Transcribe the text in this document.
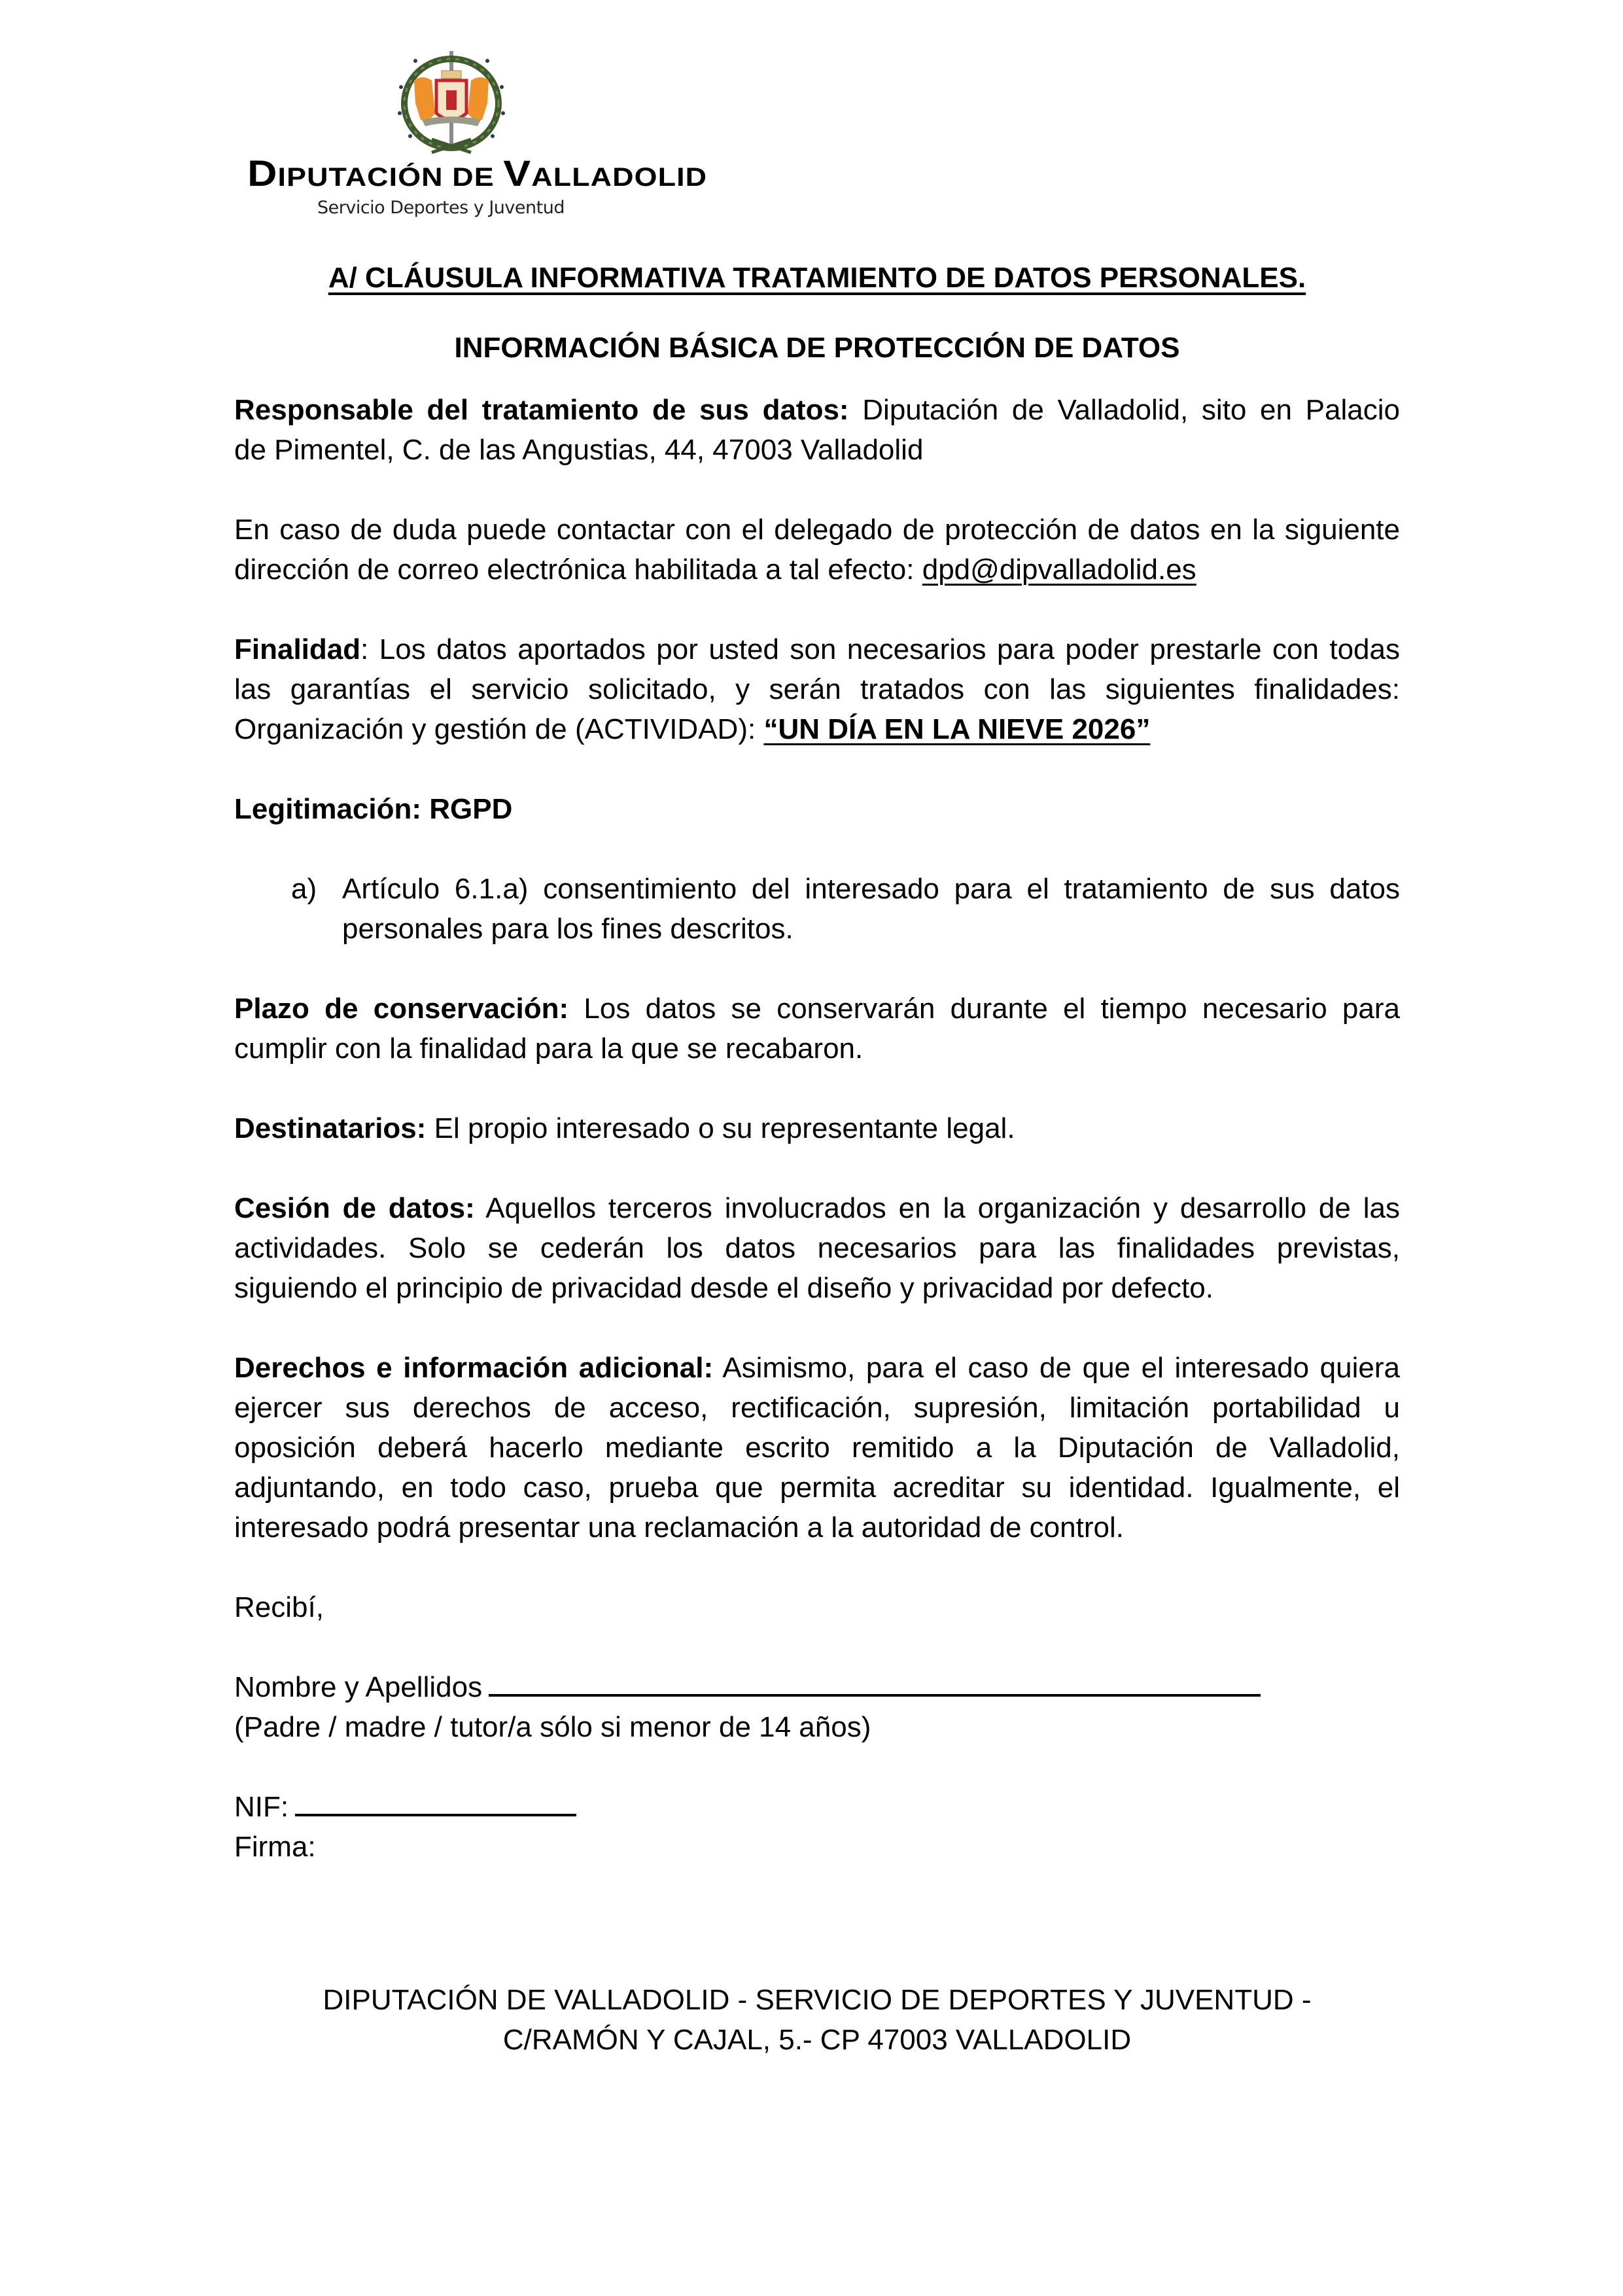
DIPUTACIÓN DE VALLADOLID
Servicio Deportes y Juventud
A/ CLÁUSULA INFORMATIVA TRATAMIENTO DE DATOS PERSONALES.
INFORMACIÓN BÁSICA DE PROTECCIÓN DE DATOS
Responsable del tratamiento de sus datos: Diputación de Valladolid, sito en Palacio
de Pimentel, C. de las Angustias, 44, 47003 Valladolid
En caso de duda puede contactar con el delegado de protección de datos en la siguiente
dirección de correo electrónica habilitada a tal efecto: dpd@dipvalladolid.es
Finalidad: Los datos aportados por usted son necesarios para poder prestarle con todas
las garantías el servicio solicitado, y serán tratados con las siguientes finalidades:
Organización y gestión de (ACTIVIDAD): “UN DÍA EN LA NIEVE 2026”
Legitimación: RGPD
a) Artículo 6.1.a) consentimiento del interesado para el tratamiento de sus datos
personales para los fines descritos.
Plazo de conservación: Los datos se conservarán durante el tiempo necesario para
cumplir con la finalidad para la que se recabaron.
Destinatarios: El propio interesado o su representante legal.
Cesión de datos: Aquellos terceros involucrados en la organización y desarrollo de las
actividades. Solo se cederán los datos necesarios para las finalidades previstas,
siguiendo el principio de privacidad desde el diseño y privacidad por defecto.
Derechos e información adicional: Asimismo, para el caso de que el interesado quiera
ejercer sus derechos de acceso, rectificación, supresión, limitación portabilidad u
oposición deberá hacerlo mediante escrito remitido a la Diputación de Valladolid,
adjuntando, en todo caso, prueba que permita acreditar su identidad. Igualmente, el
interesado podrá presentar una reclamación a la autoridad de control.
Recibí,
Nombre y Apellidos
(Padre / madre / tutor/a sólo si menor de 14 años)
NIF:
Firma:
DIPUTACIÓN DE VALLADOLID - SERVICIO DE DEPORTES Y JUVENTUD -
C/RAMÓN Y CAJAL, 5.- CP 47003 VALLADOLID
